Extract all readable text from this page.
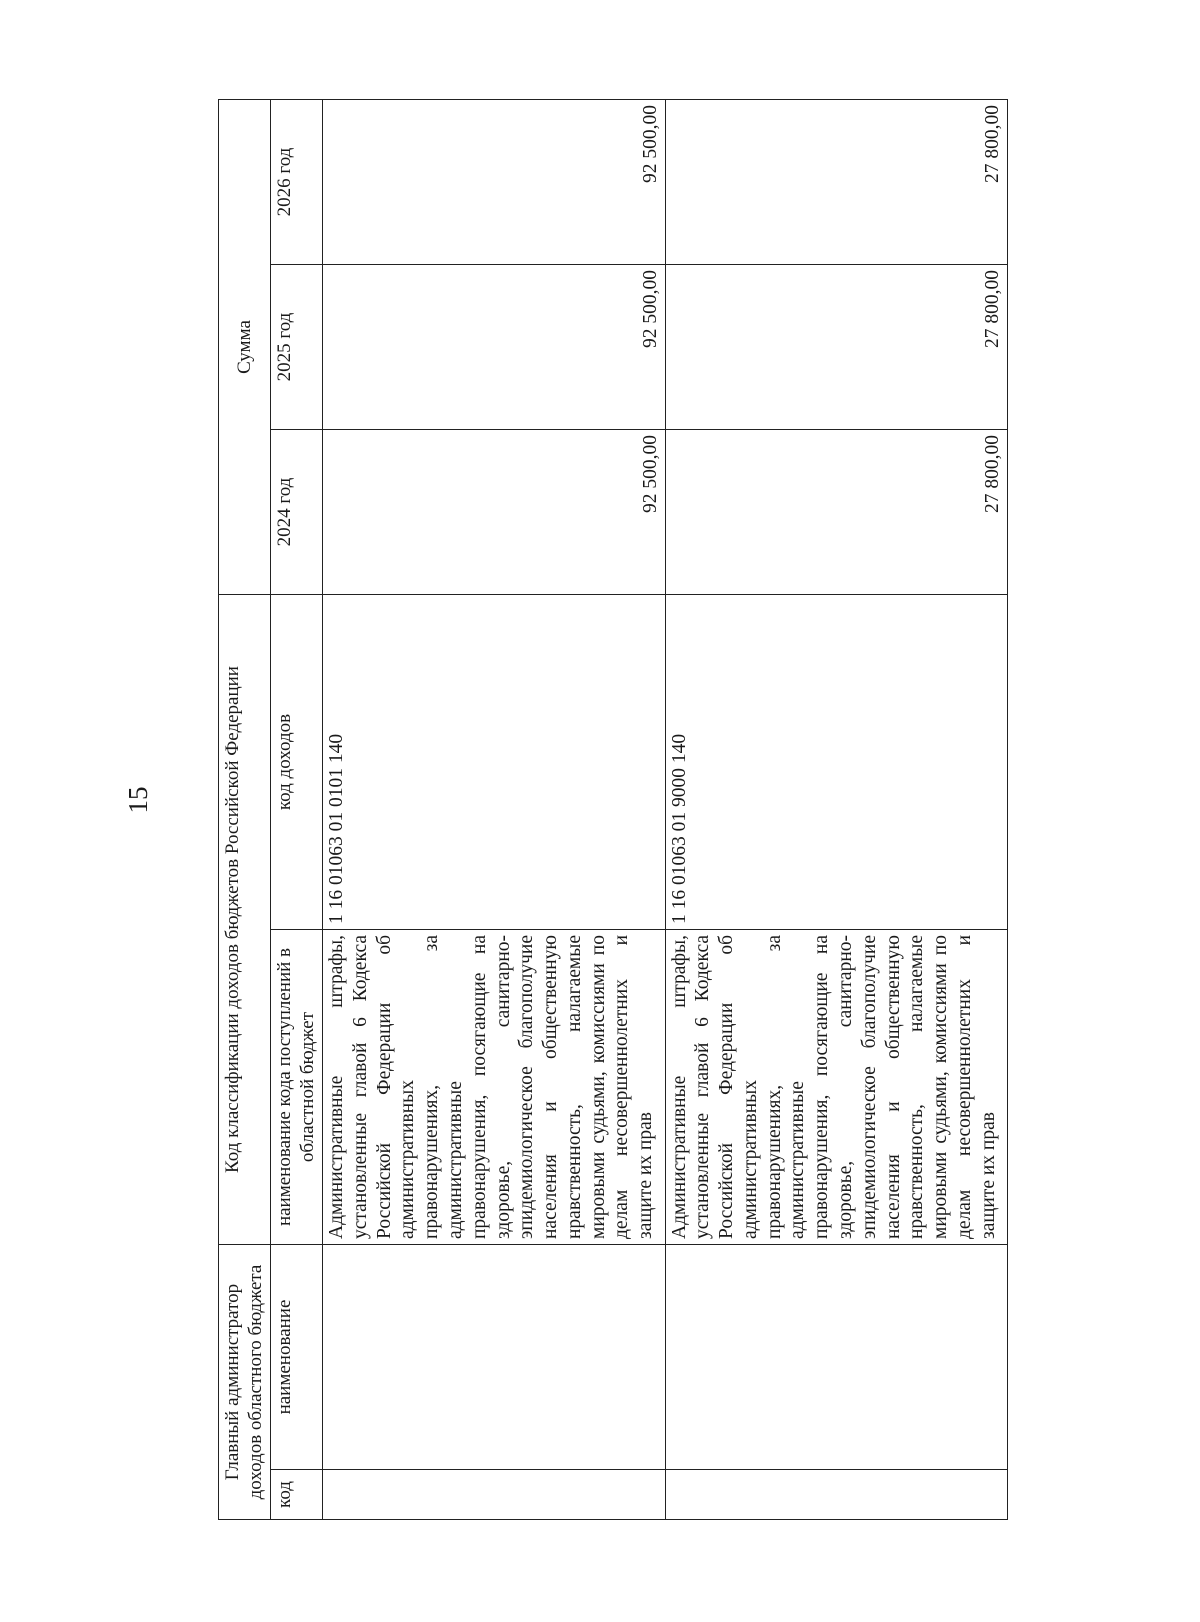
15
Главный администратор доходов областного бюджета		Код классификации доходов бюджетов Российской Федерации		Сумма		
код	наименование	наименование кода поступлений в областной бюджет	код доходов	2024 год	2025 год	2026 год
		Административные штрафы, установленные главой 6 Кодекса Российской Федерации об административных правонарушениях, за административные правонарушения, посягающие на здоровье, санитарно-эпидемиологическое благополучие населения и общественную нравственность, налагаемые мировыми судьями, комиссиями по делам несовершеннолетних и защите их прав	1 16 01063 01 0101 140	92 500,00	92 500,00	92 500,00
		Административные штрафы, установленные главой 6 Кодекса Российской Федерации об административных правонарушениях, за административные правонарушения, посягающие на здоровье, санитарно-эпидемиологическое благополучие населения и общественную нравственность, налагаемые мировыми судьями, комиссиями по делам несовершеннолетних и защите их прав	1 16 01063 01 9000 140	27 800,00	27 800,00	27 800,00
